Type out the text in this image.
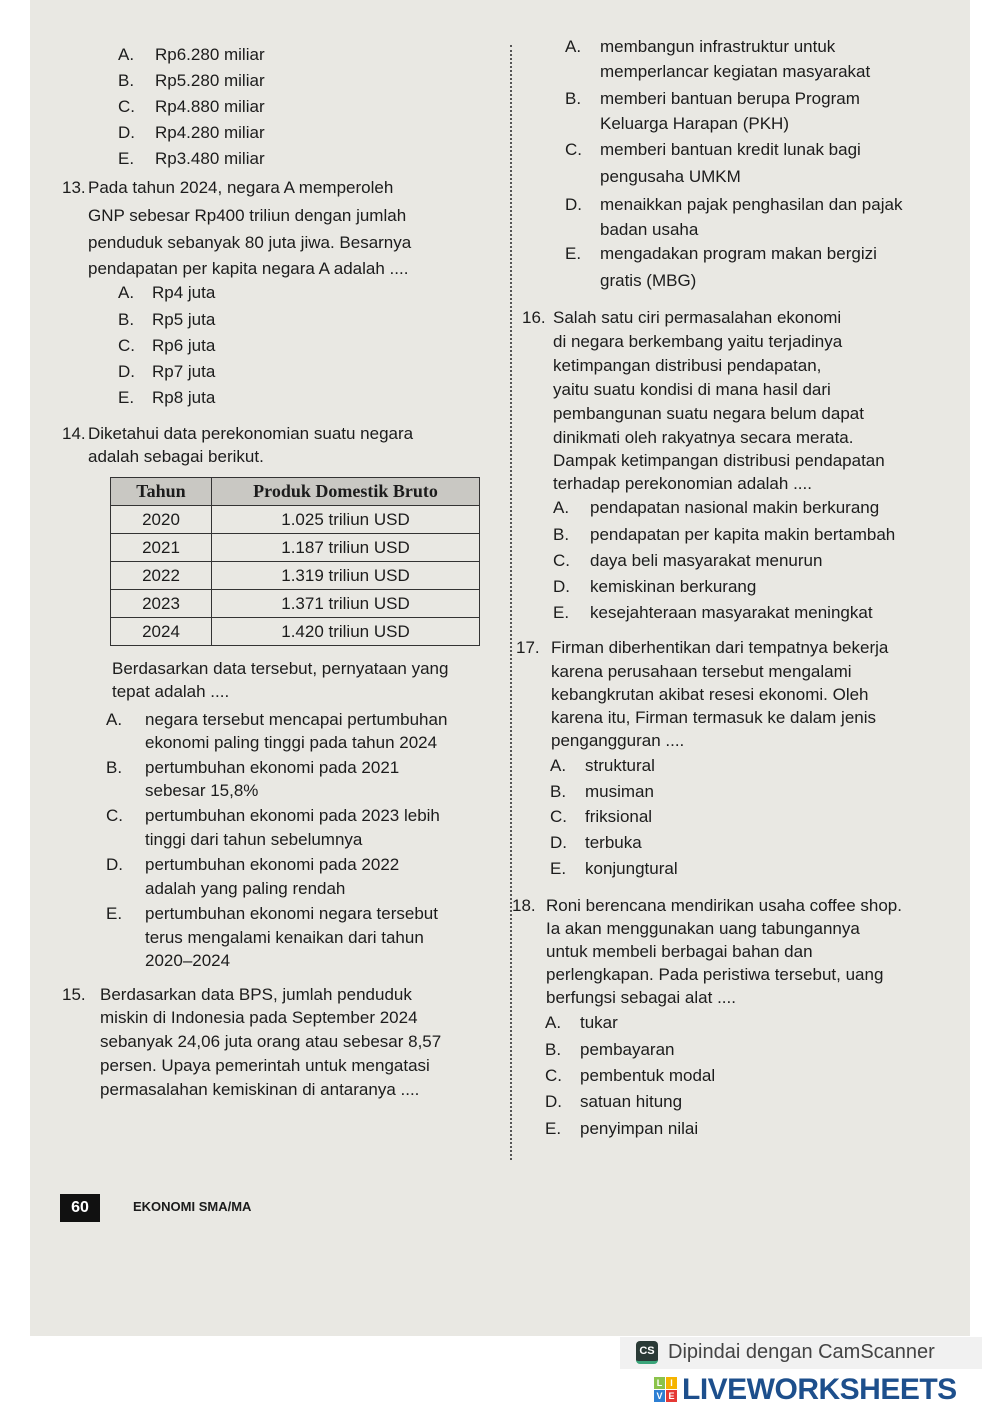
A. Rp6.280 miliar
B. Rp5.280 miliar
C. Rp4.880 miliar
D. Rp4.280 miliar
E. Rp3.480 miliar
13. Pada tahun 2024, negara A memperoleh
GNP sebesar Rp400 triliun dengan jumlah
penduduk sebanyak 80 juta jiwa. Besarnya
pendapatan per kapita negara A adalah ....
A. Rp4 juta
B. Rp5 juta
C. Rp6 juta
D. Rp7 juta
E. Rp8 juta
14. Diketahui data perekonomian suatu negara
adalah sebagai berikut.
Berdasarkan data tersebut, pernyataan yang
tepat adalah ....
A. negara tersebut mencapai pertumbuhan
ekonomi paling tinggi pada tahun 2024
B. pertumbuhan ekonomi pada 2021
sebesar 15,8%
C. pertumbuhan ekonomi pada 2023 lebih
tinggi dari tahun sebelumnya
D. pertumbuhan ekonomi pada 2022
adalah yang paling rendah
E. pertumbuhan ekonomi negara tersebut
terus mengalami kenaikan dari tahun
2020–2024
15. Berdasarkan data BPS, jumlah penduduk
miskin di Indonesia pada September 2024
sebanyak 24,06 juta orang atau sebesar 8,57
persen. Upaya pemerintah untuk mengatasi
permasalahan kemiskinan di antaranya ....
A. membangun infrastruktur untuk
memperlancar kegiatan masyarakat
B. memberi bantuan berupa Program
Keluarga Harapan (PKH)
C. memberi bantuan kredit lunak bagi
pengusaha UMKM
D. menaikkan pajak penghasilan dan pajak
badan usaha
E. mengadakan program makan bergizi
gratis (MBG)
16. Salah satu ciri permasalahan ekonomi
di negara berkembang yaitu terjadinya
ketimpangan distribusi pendapatan,
yaitu suatu kondisi di mana hasil dari
pembangunan suatu negara belum dapat
dinikmati oleh rakyatnya secara merata.
Dampak ketimpangan distribusi pendapatan
terhadap perekonomian adalah ....
A. pendapatan nasional makin berkurang
B. pendapatan per kapita makin bertambah
C. daya beli masyarakat menurun
D. kemiskinan berkurang
E. kesejahteraan masyarakat meningkat
17. Firman diberhentikan dari tempatnya bekerja
karena perusahaan tersebut mengalami
kebangkrutan akibat resesi ekonomi. Oleh
karena itu, Firman termasuk ke dalam jenis
pengangguran ....
A. struktural
B. musiman
C. friksional
D. terbuka
E. konjungtural
18. Roni berencana mendirikan usaha coffee shop.
Ia akan menggunakan uang tabungannya
untuk membeli berbagai bahan dan
perlengkapan. Pada peristiwa tersebut, uang
berfungsi sebagai alat ....
A. tukar
B. pembayaran
C. pembentuk modal
D. satuan hitung
E. penyimpan nilai
Tahun	Produk Domestik Bruto
2020	1.025 triliun USD
2021	1.187 triliun USD
2022	1.319 triliun USD
2023	1.371 triliun USD
2024	1.420 triliun USD
60	EKONOMI SMA/MA
CS Dipindai dengan CamScanner
L I
V E LIVEWORKSHEETS
